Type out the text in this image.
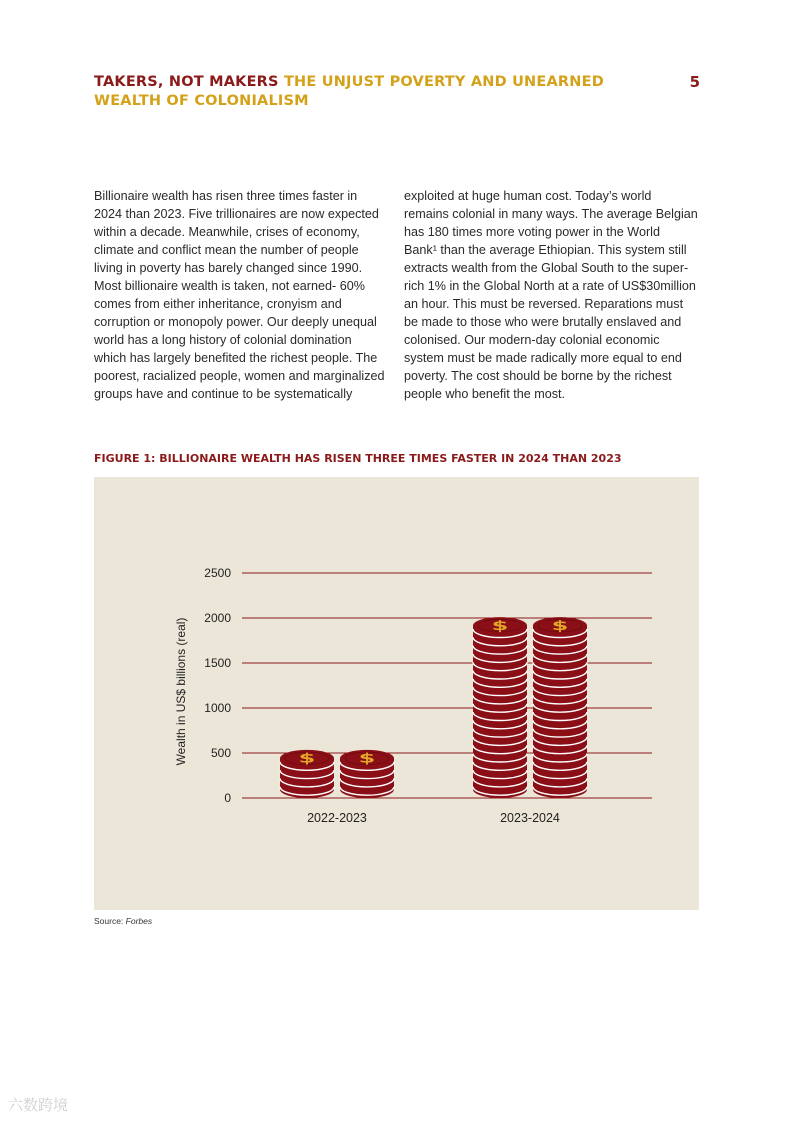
TAKERS, NOT MAKERS THE UNJUST POVERTY AND UNEARNED WEALTH OF COLONIALISM
5
Billionaire wealth has risen three times faster in
2024 than 2023. Five trillionaires are now expected
within a decade. Meanwhile, crises of economy,
climate and conflict mean the number of people
living in poverty has barely changed since 1990.
Most billionaire wealth is taken, not earned- 60%
comes from either inheritance, cronyism and
corruption or monopoly power. Our deeply unequal
world has a long history of colonial domination
which has largely benefited the richest people. The
poorest, racialized people, women and marginalized
groups have and continue to be systematically
exploited at huge human cost. Today’s world
remains colonial in many ways. The average Belgian
has 180 times more voting power in the World
Bank¹ than the average Ethiopian. This system still
extracts wealth from the Global South to the super-
rich 1% in the Global North at a rate of US$30million
an hour. This must be reversed. Reparations must
be made to those who were brutally enslaved and
colonised. Our modern-day colonial economic
system must be made radically more equal to end
poverty. The cost should be borne by the richest
people who benefit the most.
FIGURE 1: BILLIONAIRE WEALTH HAS RISEN THREE TIMES FASTER IN 2024 THAN 2023
0
500
1000
1500
2000
2500
Wealth in US$ billions (real)	$	$
2022-2023
$	$
2023-2024
Source: Forbes
六数跨境
